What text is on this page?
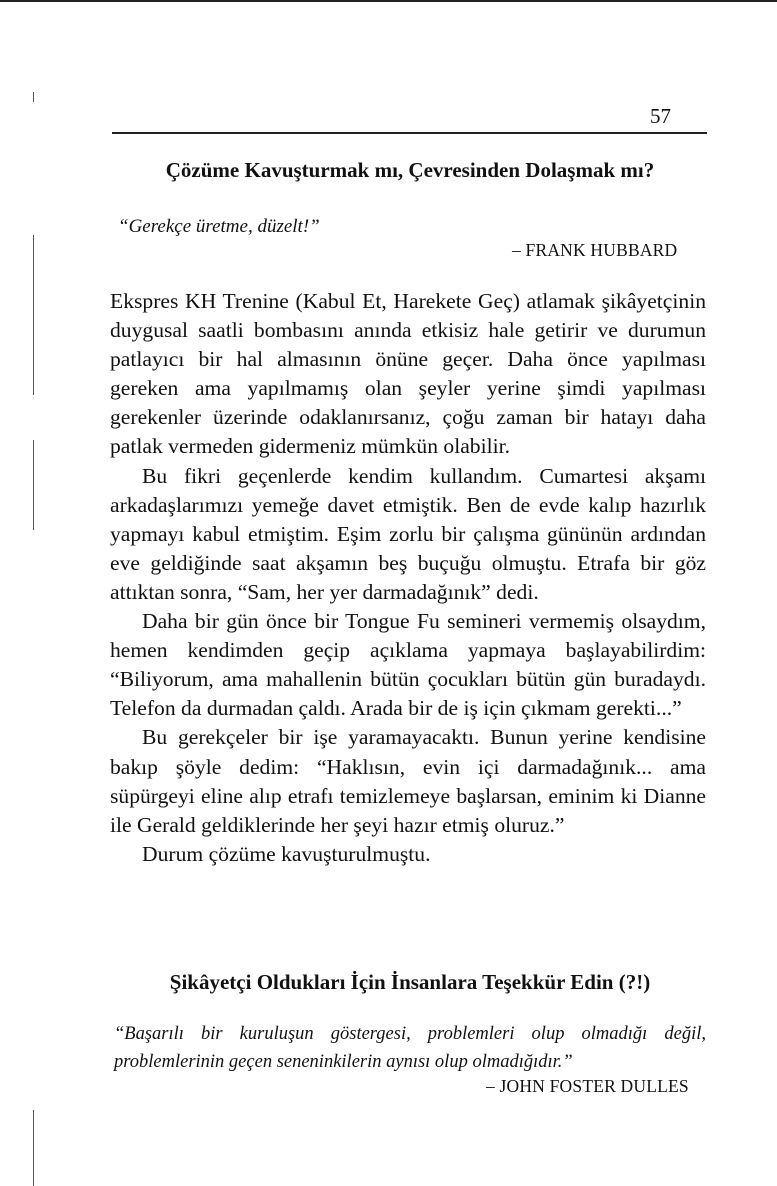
57
Çözüme Kavuşturmak mı, Çevresinden Dolaşmak mı?
“Gerekçe üretme, düzelt!”
– FRANK HUBBARD

Ekspres KH Trenine (Kabul Et, Harekete Geç) atlamak şikâyetçinin duygusal saatli bombasını anında etkisiz hale getirir ve durumun patlayıcı bir hal almasının önüne geçer. Daha önce yapılması gereken ama yapılmamış olan şeyler yerine şimdi yapılması gerekenler üzerinde odaklanırsanız, çoğu zaman bir hatayı daha patlak vermeden gidermeniz mümkün olabilir.

Bu fikri geçenlerde kendim kullandım. Cumartesi akşamı arkadaşlarımızı yemeğe davet etmiştik. Ben de evde kalıp hazırlık yapmayı kabul etmiştim. Eşim zorlu bir çalışma gününün ardından eve geldiğinde saat akşamın beş buçuğu olmuştu. Etrafa bir göz attıktan sonra, “Sam, her yer darmadağınık” dedi.

Daha bir gün önce bir Tongue Fu semineri vermemiş olsaydım, hemen kendimden geçip açıklama yapmaya başlayabilirdim: “Biliyorum, ama mahallenin bütün çocukları bütün gün buradaydı. Telefon da durmadan çaldı. Arada bir de iş için çıkmam gerekti...”

Bu gerekçeler bir işe yaramayacaktı. Bunun yerine kendisine bakıp şöyle dedim: “Haklısın, evin içi darmadağınık... ama süpürgeyi eline alıp etrafı temizlemeye başlarsan, eminim ki Dianne ile Gerald geldiklerinde her şeyi hazır etmiş oluruz.”

Durum çözüme kavuşturulmuştu.

Şikâyetçi Oldukları İçin İnsanlara Teşekkür Edin (?!)
“Başarılı bir kuruluşun göstergesi, problemleri olup olmadığı değil, problemlerinin geçen seneninkilerin aynısı olup olmadığıdır.”
– JOHN FOSTER DULLES
